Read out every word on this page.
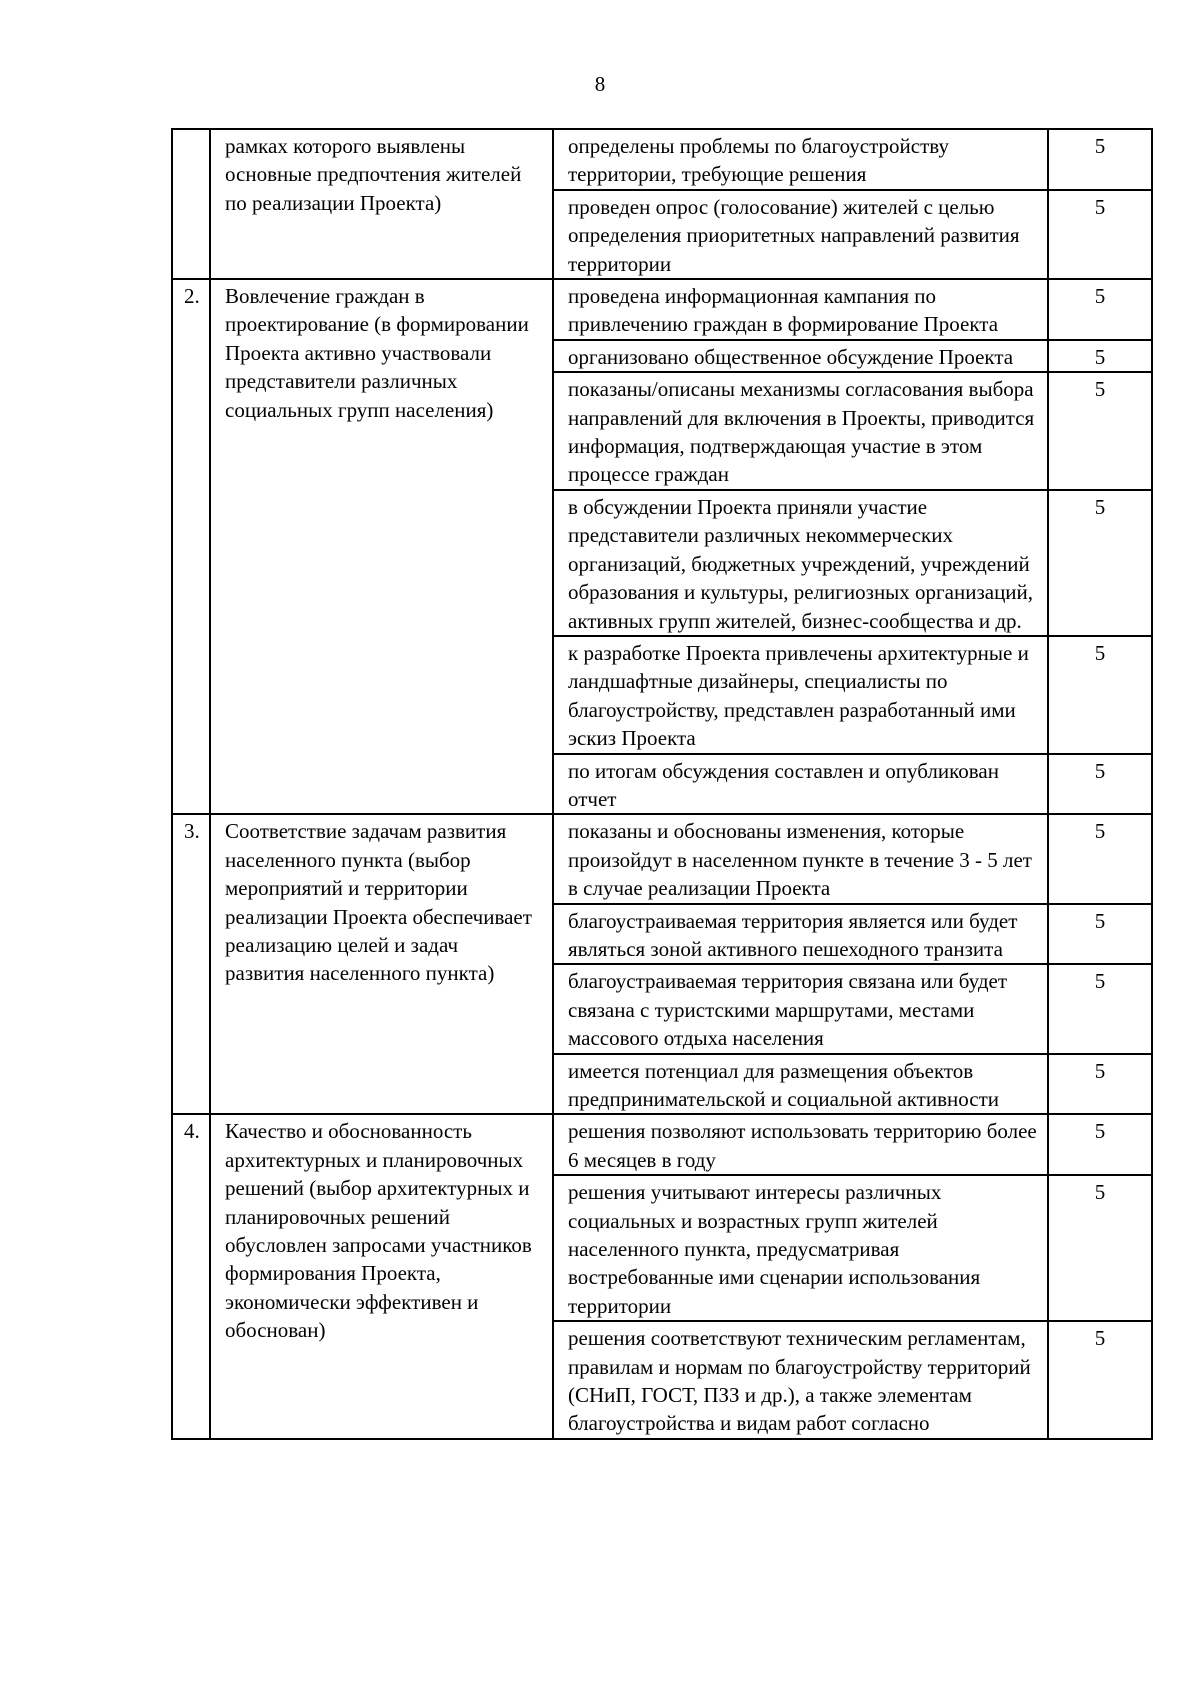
8
	рамках которого выявлены основные предпочтения жителей по реализации Проекта)	определены проблемы по благоустройству территории, требующие решения	5
		проведен опрос (голосование) жителей с целью определения приоритетных направлений развития территории	5
2.	Вовлечение граждан в проектирование (в формировании Проекта активно участвовали представители различных социальных групп населения)	проведена информационная кампания по привлечению граждан в формирование Проекта	5
		организовано общественное обсуждение Проекта	5
		показаны/описаны механизмы согласования выбора направлений для включения в Проекты, приводится информация, подтверждающая участие в этом процессе граждан	5
		в обсуждении Проекта приняли участие представители различных некоммерческих организаций, бюджетных учреждений, учреждений образования и культуры, религиозных организаций, активных групп жителей, бизнес-сообщества и др.	5
		к разработке Проекта привлечены архитектурные и ландшафтные дизайнеры, специалисты по благоустройству, представлен разработанный ими эскиз Проекта	5
		по итогам обсуждения составлен и опубликован отчет	5
3.	Соответствие задачам развития населенного пункта (выбор мероприятий и территории реализации Проекта обеспечивает реализацию целей и задач развития населенного пункта)	показаны и обоснованы изменения, которые произойдут в населенном пункте в течение 3 - 5 лет в случае реализации Проекта	5
		благоустраиваемая территория является или будет являться зоной активного пешеходного транзита	5
		благоустраиваемая территория связана или будет связана с туристскими маршрутами, местами массового отдыха населения	5
		имеется потенциал для размещения объектов предпринимательской и социальной активности	5
4.	Качество и обоснованность архитектурных и планировочных решений (выбор архитектурных и планировочных решений обусловлен запросами участников формирования Проекта, экономически эффективен и обоснован)	решения позволяют использовать территорию более 6 месяцев в году	5
		решения учитывают интересы различных социальных и возрастных групп жителей населенного пункта, предусматривая востребованные ими сценарии использования территории	5
		решения соответствуют техническим регламентам, правилам и нормам по благоустройству территорий (СНиП, ГОСТ, ПЗЗ и др.), а также элементам благоустройства и видам работ согласно	5
